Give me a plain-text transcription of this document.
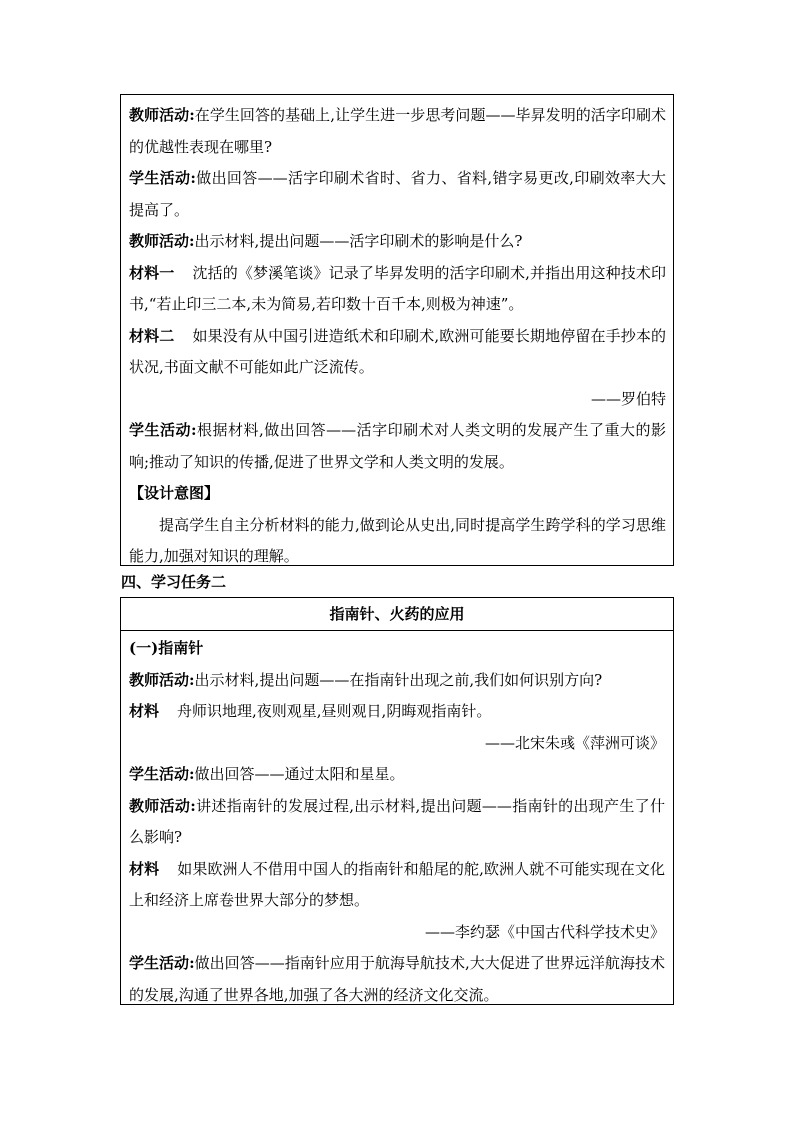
教师活动:在学生回答的基础上,让学生进一步思考问题——毕昇发明的活字印刷术的优越性表现在哪里?

学生活动:做出回答——活字印刷术省时、省力、省料,错字易更改,印刷效率大大提高了。

教师活动:出示材料,提出问题——活字印刷术的影响是什么?

材料一 沈括的《梦溪笔谈》记录了毕昇发明的活字印刷术,并指出用这种技术印书,“若止印三二本,未为简易,若印数十百千本,则极为神速”。

材料二 如果没有从中国引进造纸术和印刷术,欧洲可能要长期地停留在手抄本的状况,书面文献不可能如此广泛流传。

——罗伯特

学生活动:根据材料,做出回答——活字印刷术对人类文明的发展产生了重大的影响;推动了知识的传播,促进了世界文学和人类文明的发展。

【设计意图】

提高学生自主分析材料的能力,做到论从史出,同时提高学生跨学科的学习思维能力,加强对知识的理解。

四、学习任务二

指南针、火药的应用

(一)指南针

教师活动:出示材料,提出问题——在指南针出现之前,我们如何识别方向?

材料 舟师识地理,夜则观星,昼则观日,阴晦观指南针。

——北宋朱彧《萍洲可谈》

学生活动:做出回答——通过太阳和星星。

教师活动:讲述指南针的发展过程,出示材料,提出问题——指南针的出现产生了什么影响?

材料 如果欧洲人不借用中国人的指南针和船尾的舵,欧洲人就不可能实现在文化上和经济上席卷世界大部分的梦想。

——李约瑟《中国古代科学技术史》

学生活动:做出回答——指南针应用于航海导航技术,大大促进了世界远洋航海技术的发展,沟通了世界各地,加强了各大洲的经济文化交流。
